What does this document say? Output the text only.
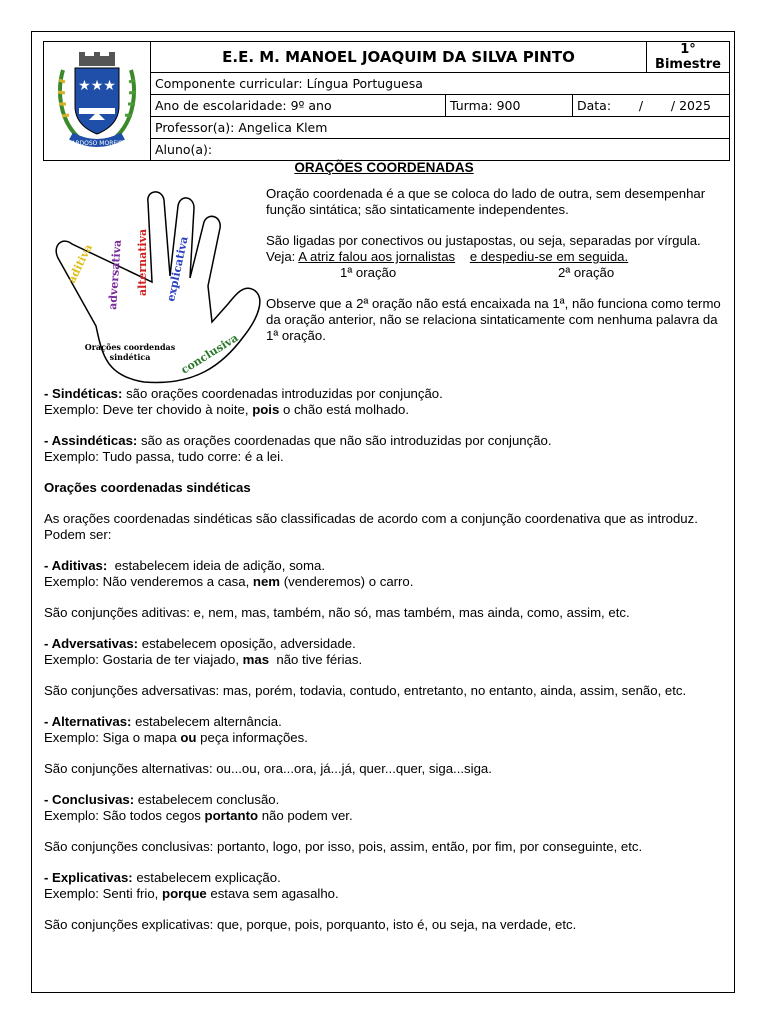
★★★
CARDOSO MOREIRA	E.E. M. MANOEL JOAQUIM DA SILVA PINTO			1° Bimestre
	Componente curricular: Língua Portuguesa			
	Ano de escolaridade: 9º ano	Turma: 900	Data:       /       / 2025	
	Professor(a): Angelica Klem			
	Aluno(a):			
ORAÇÕES COORDENADAS
aditiva adversativa alternativa explicativa
conclusiva
Orações coordendas
sindética

Oração coordenada é a que se coloca do lado de outra, sem desempenhar função sintática; são sintaticamente independentes.

São ligadas por conectivos ou justapostas, ou seja, separadas por vírgula.

Veja: A atriz falou aos jornalistas e despediu-se em seguida.
1ª oração	2ª oração

Observe que a 2ª oração não está encaixada na 1ª, não funciona como termo da oração anterior, não se relaciona sintaticamente com nenhuma palavra da 1ª oração.

- Sindéticas: são orações coordenadas introduzidas por conjunção.
Exemplo: Deve ter chovido à noite, pois o chão está molhado.
- Assindéticas: são as orações coordenadas que não são introduzidas por conjunção.
Exemplo: Tudo passa, tudo corre: é a lei.
Orações coordenadas sindéticas
As orações coordenadas sindéticas são classificadas de acordo com a conjunção coordenativa que as introduz. Podem ser:
- Aditivas:  estabelecem ideia de adição, soma.
Exemplo: Não venderemos a casa, nem (venderemos) o carro.
São conjunções aditivas: e, nem, mas, também, não só, mas também, mas ainda, como, assim, etc.
- Adversativas: estabelecem oposição, adversidade.
Exemplo: Gostaria de ter viajado, mas  não tive férias.
São conjunções adversativas: mas, porém, todavia, contudo, entretanto, no entanto, ainda, assim, senão, etc.
- Alternativas: estabelecem alternância.
Exemplo: Siga o mapa ou peça informações.
São conjunções alternativas: ou...ou, ora...ora, já...já, quer...quer, siga...siga.
- Conclusivas: estabelecem conclusão.
Exemplo: São todos cegos portanto não podem ver.
São conjunções conclusivas: portanto, logo, por isso, pois, assim, então, por fim, por conseguinte, etc.
- Explicativas: estabelecem explicação.
Exemplo: Senti frio, porque estava sem agasalho.
São conjunções explicativas: que, porque, pois, porquanto, isto é, ou seja, na verdade, etc.
